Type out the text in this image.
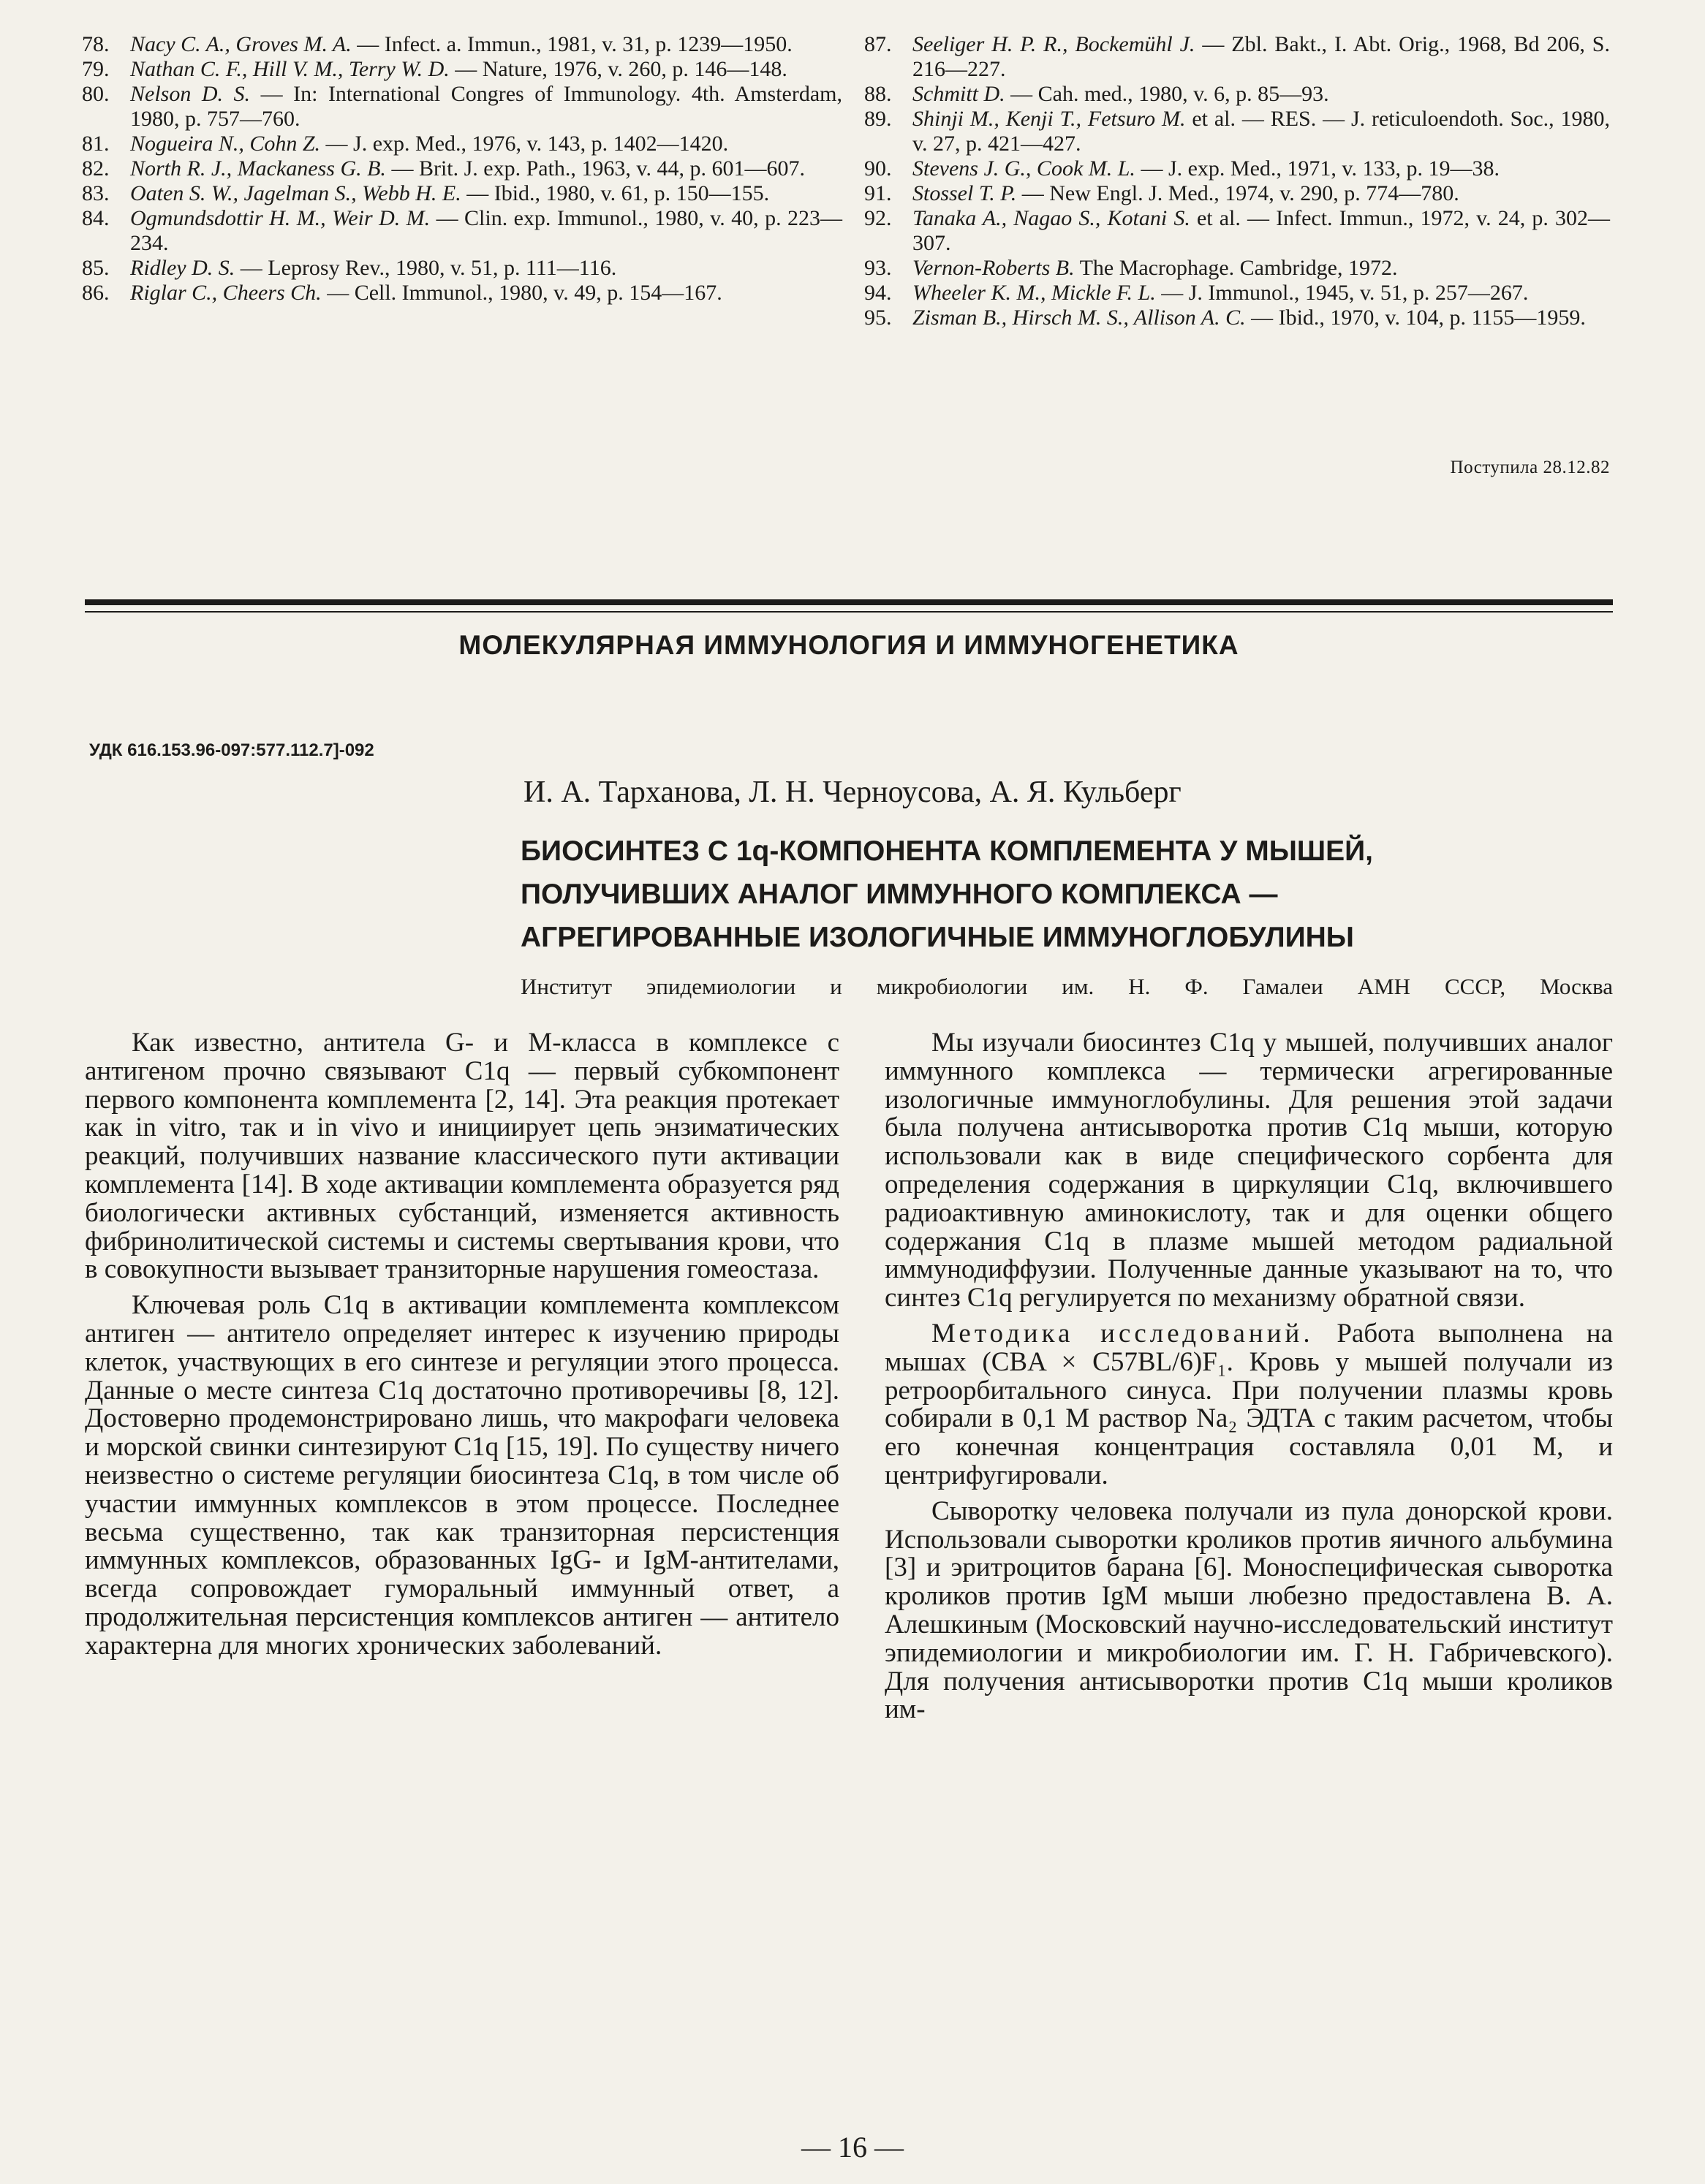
78. Nacy C. A., Groves M. A. — Infect. a. Immun., 1981, v. 31, p. 1239—1950.
79. Nathan C. F., Hill V. M., Terry W. D. — Nature, 1976, v. 260, p. 146—148.
80. Nelson D. S. — In: International Congres of Immunology. 4th. Amsterdam, 1980, p. 757—760.
81. Nogueira N., Cohn Z. — J. exp. Med., 1976, v. 143, p. 1402—1420.
82. North R. J., Mackaness G. B. — Brit. J. exp. Path., 1963, v. 44, p. 601—607.
83. Oaten S. W., Jagelman S., Webb H. E. — Ibid., 1980, v. 61, p. 150—155.
84. Ogmundsdottir H. M., Weir D. M. — Clin. exp. Immunol., 1980, v. 40, p. 223—234.
85. Ridley D. S. — Leprosy Rev., 1980, v. 51, p. 111—116.
86. Riglar C., Cheers Ch. — Cell. Immunol., 1980, v. 49, p. 154—167.
87. Seeliger H. P. R., Bockemühl J. — Zbl. Bakt., I. Abt. Orig., 1968, Bd 206, S. 216—227.
88. Schmitt D. — Cah. med., 1980, v. 6, p. 85—93.
89. Shinji M., Kenji T., Fetsuro M. et al. — RES. — J. reticuloendoth. Soc., 1980, v. 27, p. 421—427.
90. Stevens J. G., Cook M. L. — J. exp. Med., 1971, v. 133, p. 19—38.
91. Stossel T. P. — New Engl. J. Med., 1974, v. 290, p. 774—780.
92. Tanaka A., Nagao S., Kotani S. et al. — Infect. Immun., 1972, v. 24, p. 302—307.
93. Vernon-Roberts B. The Macrophage. Cambridge, 1972.
94. Wheeler K. M., Mickle F. L. — J. Immunol., 1945, v. 51, p. 257—267.
95. Zisman B., Hirsch M. S., Allison A. C. — Ibid., 1970, v. 104, p. 1155—1959.
Поступила 28.12.82
МОЛЕКУЛЯРНАЯ ИММУНОЛОГИЯ И ИММУНОГЕНЕТИКА
УДК 616.153.96-097:577.112.7]-092
И. А. Тарханова, Л. Н. Черноусова, А. Я. Кульберг
БИОСИНТЕЗ C 1q-КОМПОНЕНТА КОМПЛЕМЕНТА У МЫШЕЙ,
ПОЛУЧИВШИХ АНАЛОГ ИММУННОГО КОМПЛЕКСА —
АГРЕГИРОВАННЫЕ ИЗОЛОГИЧНЫЕ ИММУНОГЛОБУЛИНЫ
Институт эпидемиологии и микробиологии им. Н. Ф. Гамалеи АМН СССР, Москва

Как известно, антитела G- и M-класса в комплексе с антигеном прочно связывают C1q — первый субкомпонент первого компонента комплемента [2, 14]. Эта реакция протекает как in vitro, так и in vivo и инициирует цепь энзиматических реакций, получивших название классического пути активации комплемента [14]. В ходе активации комплемента образуется ряд биологически активных субстанций, изменяется активность фибринолитической системы и системы свертывания крови, что в совокупности вызывает транзиторные нарушения гомеостаза.

Ключевая роль C1q в активации комплемента комплексом антиген — антитело определяет интерес к изучению природы клеток, участвующих в его синтезе и регуляции этого процесса. Данные о месте синтеза C1q достаточно противоречивы [8, 12]. Достоверно продемонстрировано лишь, что макрофаги человека и морской свинки синтезируют C1q [15, 19]. По существу ничего неизвестно о системе регуляции биосинтеза C1q, в том числе об участии иммунных комплексов в этом процессе. Последнее весьма существенно, так как транзиторная персистенция иммунных комплексов, образованных IgG- и IgM-антителами, всегда сопровождает гуморальный иммунный ответ, а продолжительная персистенция комплексов антиген — антитело характерна для многих хронических заболеваний.

Мы изучали биосинтез C1q у мышей, получивших аналог иммунного комплекса — термически агрегированные изологичные иммуноглобулины. Для решения этой задачи была получена антисыворотка против C1q мыши, которую использовали как в виде специфического сорбента для определения содержания в циркуляции C1q, включившего радиоактивную аминокислоту, так и для оценки общего содержания C1q в плазме мышей методом радиальной иммунодиффузии. Полученные данные указывают на то, что синтез C1q регулируется по механизму обратной связи.

Методика исследований. Работа выполнена на мышах (CBA × C57BL/6)F₁. Кровь у мышей получали из ретроорбитального синуса. При получении плазмы кровь собирали в 0,1 М раствор Na₂ ЭДТА с таким расчетом, чтобы его конечная концентрация составляла 0,01 М, и центрифугировали.

Сыворотку человека получали из пула донорской крови. Использовали сыворотки кроликов против яичного альбумина [3] и эритроцитов барана [6]. Моноспецифическая сыворотка кроликов против IgM мыши любезно предоставлена В. А. Алешкиным (Московский научно-исследовательский институт эпидемиологии и микробиологии им. Г. Н. Габричевского). Для получения антисыворотки против C1q мыши кроликов им-

— 16 —
